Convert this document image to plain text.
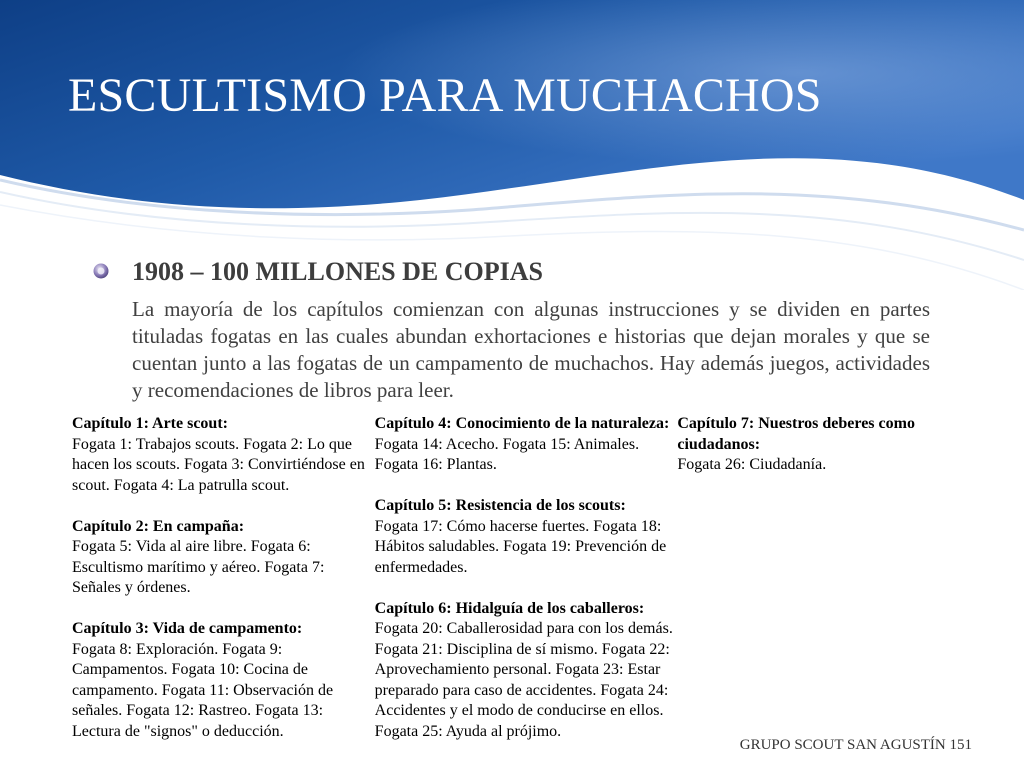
ESCULTISMO PARA MUCHACHOS

1908 – 100 MILLONES DE COPIAS

La mayoría de los capítulos comienzan con algunas instrucciones y se dividen en partes tituladas fogatas en las cuales abundan exhortaciones e historias que dejan morales y que se cuentan junto a las fogatas de un campamento de muchachos. Hay además juegos, actividades y recomendaciones de libros para leer.

Capítulo 1: Arte scout:
Fogata 1: Trabajos scouts. Fogata 2: Lo que hacen los scouts. Fogata 3: Convirtiéndose en scout. Fogata 4: La patrulla scout.
Capítulo 2: En campaña:
Fogata 5: Vida al aire libre. Fogata 6: Escultismo marítimo y aéreo. Fogata 7: Señales y órdenes.
Capítulo 3: Vida de campamento:
Fogata 8: Exploración. Fogata 9: Campamentos. Fogata 10: Cocina de campamento. Fogata 11: Observación de señales. Fogata 12: Rastreo. Fogata 13: Lectura de "signos" o deducción.
Capítulo 4: Conocimiento de la naturaleza:
Fogata 14: Acecho. Fogata 15: Animales. Fogata 16: Plantas.
Capítulo 5: Resistencia de los scouts:
Fogata 17: Cómo hacerse fuertes. Fogata 18: Hábitos saludables. Fogata 19: Prevención de enfermedades.
Capítulo 6: Hidalguía de los caballeros:
Fogata 20: Caballerosidad para con los demás. Fogata 21: Disciplina de sí mismo. Fogata 22: Aprovechamiento personal. Fogata 23: Estar preparado para caso de accidentes. Fogata 24: Accidentes y el modo de conducirse en ellos. Fogata 25: Ayuda al prójimo.
Capítulo 7: Nuestros deberes como ciudadanos:
Fogata 26: Ciudadanía.

GRUPO SCOUT SAN AGUSTÍN 151
